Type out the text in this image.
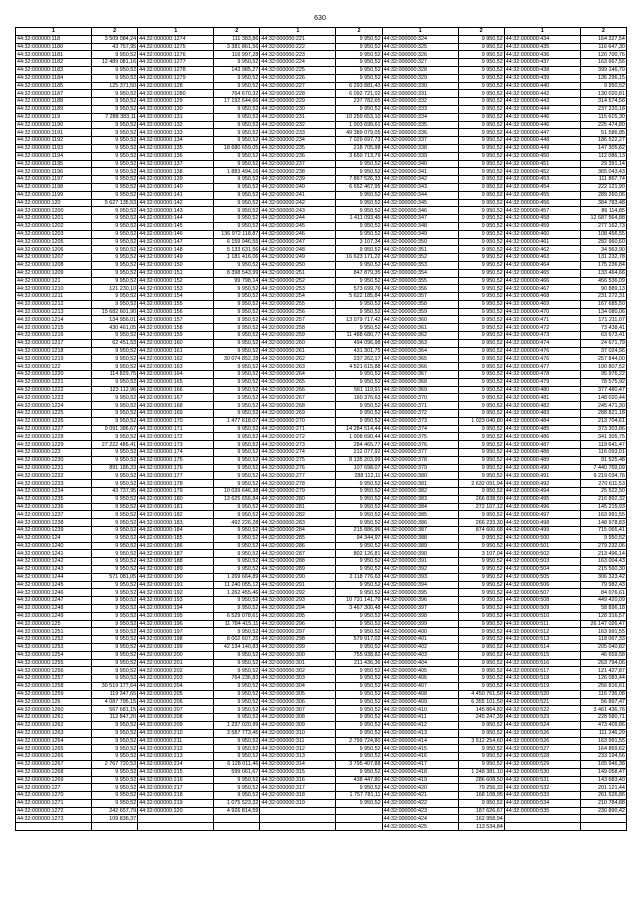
630
1	2	1	2	1	2	1	2	1	2
44:32:000000:118	3 509 084,24	44:32:000000:1274	111 383,86	44:32:000000:221	9 950,52	44:32:000000:324	9 950,52	44:32:000000:434	164 327,54
44:32:000000:1180	43 757,95	44:32:000000:1275	3 381 861,56	44:32:000000:222	9 950,52	44:32:000000:325	9 950,52	44:32:000000:435	116 647,30
44:32:000000:1181	9 950,52	44:32:000000:1276	116 997,28	44:32:000000:223	9 950,52	44:32:000000:326	9 950,52	44:32:000000:436	120 700,76
44:32:000000:1182	12 489 081,16	44:32:000000:1277	9 950,52	44:32:000000:224	9 950,52	44:32:000000:327	9 950,52	44:32:000000:437	163 667,56
44:32:000000:1183	9 950,52	44:32:000000:1278	143 985,27	44:32:000000:225	9 950,52	44:32:000000:328	9 950,52	44:32:000000:438	399 146,70
44:32:000000:1184	9 950,52	44:32:000000:1279	9 950,52	44:32:000000:226	9 950,52	44:32:000000:329	9 950,52	44:32:000000:439	136 296,15
44:32:000000:1185	125 371,50	44:32:000000:128	9 950,52	44:32:000000:227	6 293 881,43	44:32:000000:330	9 950,52	44:32:000000:440	9 950,52
44:32:000000:1187	9 950,52	44:32:000000:1280	764 670,32	44:32:000000:228	6 092 721,02	44:32:000000:331	9 950,52	44:32:000000:442	130 020,81
44:32:000000:1188	9 950,52	44:32:000000:129	17 192 644,66	44:32:000000:229	237 782,65	44:32:000000:332	9 950,52	44:32:000000:443	314 574,58
44:32:000000:1189	9 950,52	44:32:000000:130	9 950,52	44:32:000000:230	9 950,52	44:32:000000:333	9 950,52	44:32:000000:444	237 220,18
44:32:000000:119	7 288 383,11	44:32:000000:131	9 950,52	44:32:000000:231	10 259 653,10	44:32:000000:334	9 950,52	44:32:000000:446	115 615,30
44:32:000000:1190	9 950,52	44:32:000000:132	9 950,52	44:32:000000:232	1 003 699,61	44:32:000000:335	9 950,52	44:32:000000:446	225 474,80
44:32:000000:1191	9 950,52	44:32:000000:133	9 950,52	44:32:000000:233	49 389 079,05	44:32:000000:336	9 950,52	44:32:000000:447	51 586,85
44:32:000000:1192	9 950,52	44:32:000000:134	9 950,52	44:32:000000:234	7 029 697,73	44:32:000000:337	9 950,52	44:32:000000:448	186 522,27
44:32:000000:1193	9 950,52	44:32:000000:135	18 680 659,05	44:32:000000:235	218 705,98	44:32:000000:338	9 950,52	44:32:000000:449	147 305,82
44:32:000000:1194	9 950,52	44:32:000000:136	9 950,52	44:32:000000:236	3 650 713,79	44:32:000000:339	9 950,52	44:32:000000:450	112 086,13
44:32:000000:1195	9 950,52	44:32:000000:137	9 950,52	44:32:000000:237	9 950,52	44:32:000000:340	9 950,52	44:32:000000:451	29 391,14
44:32:000000:1196	9 950,52	44:32:000000:138	1 883 494,16	44:32:000000:238	9 950,52	44:32:000000:341	9 950,52	44:32:000000:452	365 043,43
44:32:000000:1197	9 950,52	44:32:000000:139	9 950,52	44:32:000000:239	7 867 526,33	44:32:000000:342	9 950,52	44:32:000000:453	111 867,74
44:32:000000:1198	9 950,52	44:32:000000:140	9 950,52	44:32:000000:240	6 652 467,95	44:32:000000:343	9 950,52	44:32:000000:454	222 121,90
44:32:000000:1199	9 950,52	44:32:000000:141	9 950,52	44:32:000000:241	9 950,52	44:32:000000:344	9 950,52	44:32:000000:455	289 260,06
44:32:000000:120	5 627 135,53	44:32:000000:142	9 950,52	44:32:000000:242	9 950,52	44:32:000000:345	9 950,52	44:32:000000:456	384 783,48
44:32:000000:1200	9 950,52	44:32:000000:143	9 950,52	44:32:000000:243	9 950,52	44:32:000000:346	9 950,52	44:32:000000:457	86 114,85
44:32:000000:1201	9 950,52	44:32:000000:144	9 950,52	44:32:000000:244	1 411 093,45	44:32:000000:347	9 950,52	44:32:000000:458	12 687 564,88
44:32:000000:1202	9 950,52	44:32:000000:145	9 950,52	44:32:000000:245	9 950,52	44:32:000000:348	9 950,52	44:32:000000:459	277 162,73
44:32:000000:1203	9 950,52	44:32:000000:146	136 972 118,87	44:32:000000:246	9 950,52	44:32:000000:349	9 950,52	44:32:000000:460	108 456,55
44:32:000000:1205	9 950,52	44:32:000000:147	6 159 946,55	44:32:000000:247	3 107,34	44:32:000000:350	9 950,52	44:32:000000:461	282 960,60
44:32:000000:1206	9 950,52	44:32:000000:148	5 133 631,56	44:32:000000:248	9 950,52	44:32:000000:351	9 950,52	44:32:000000:462	34 963,90
44:32:000000:1207	9 950,52	44:32:000000:149	1 181 416,06	44:32:000000:249	16 623 171,22	44:32:000000:352	9 950,52	44:32:000000:463	131 232,78
44:32:000000:1208	9 950,52	44:32:000000:150	9 950,52	44:32:000000:250	9 950,52	44:32:000000:353	9 950,52	44:32:000000:464	175 236,84
44:32:000000:1209	9 950,52	44:32:000000:151	8 398 543,99	44:32:000000:251	847 879,35	44:32:000000:354	9 950,52	44:32:000000:465	133 464,66
44:32:000000:121	9 950,52	44:32:000000:152	99 798,14	44:32:000000:252	9 950,52	44:32:000000:355	9 950,52	44:32:000000:466	456 536,09
44:32:000000:1210	121 230,10	44:32:000000:153	9 950,52	44:32:000000:253	573 699,76	44:32:000000:356	9 950,52	44:32:000000:467	90 889,13
44:32:000000:1211	9 950,52	44:32:000000:154	9 950,52	44:32:000000:254	5 622 185,84	44:32:000000:357	9 950,52	44:32:000000:468	231 272,31
44:32:000000:1212	9 950,52	44:32:000000:155	9 950,52	44:32:000000:255	9 950,52	44:32:000000:358	9 950,52	44:32:000000:469	167 685,50
44:32:000000:1213	15 682 601,90	44:32:000000:156	9 950,52	44:32:000000:256	9 950,52	44:32:000000:359	9 950,52	44:32:000000:470	134 080,06
44:32:000000:1214	134 956,01	44:32:000000:157	9 950,52	44:32:000000:257	13 079 717,42	44:32:000000:360	9 950,52	44:32:000000:471	171 211,07
44:32:000000:1215	430 461,05	44:32:000000:158	9 950,52	44:32:000000:258	9 950,52	44:32:000000:361	9 950,52	44:32:000000:472	73 438,41
44:32:000000:1216	9 950,52	44:32:000000:159	9 950,52	44:32:000000:259	11 488 680,77	44:32:000000:362	9 950,52	44:32:000000:473	63 673,41
44:32:000000:1217	62 451,53	44:32:000000:160	9 950,52	44:32:000000:260	494 096,98	44:32:000000:363	9 950,52	44:32:000000:474	24 671,79
44:32:000000:1218	9 950,52	44:32:000000:161	9 950,52	44:32:000000:261	431 301,75	44:32:000000:364	9 950,52	44:32:000000:476	37 024,56
44:32:000000:1219	9 950,52	44:32:000000:162	30 074 852,28	44:32:000000:262	237 262,17	44:32:000000:365	9 950,52	44:32:000000:476	257 844,00
44:32:000000:122	9 950,52	44:32:000000:163	9 950,52	44:32:000000:263	4 521 615,88	44:32:000000:366	9 950,52	44:32:000000:477	190 807,52
44:32:000000:1220	114 829,75	44:32:000000:164	9 950,52	44:32:000000:264	9 950,52	44:32:000000:367	9 950,52	44:32:000000:478	95 976,22
44:32:000000:1221	9 950,52	44:32:000000:165	9 950,52	44:32:000000:265	9 950,52	44:32:000000:368	9 950,52	44:32:000000:479	78 575,92
44:32:000000:1222	123 112,96	44:32:000000:166	9 950,52	44:32:000000:266	561 119,91	44:32:000000:369	9 950,52	44:32:000000:480	377 480,47
44:32:000000:1223	9 950,52	44:32:000000:167	9 950,52	44:32:000000:267	160 376,63	44:32:000000:370	9 950,52	44:32:000000:481	148 020,44
44:32:000000:1224	9 950,52	44:32:000000:168	9 950,52	44:32:000000:268	9 950,52	44:32:000000:371	9 950,52	44:32:000000:482	245 471,30
44:32:000000:1225	9 950,52	44:32:000000:169	9 950,52	44:32:000000:269	9 950,52	44:32:000000:372	9 950,52	44:32:000000:483	288 821,18
44:32:000000:1226	9 950,52	44:32:000000:170	1 477 618,07	44:32:000000:270	9 950,52	44:32:000000:373	1 023 040,80	44:32:000000:484	213 704,61
44:32:000000:1227	9 091 386,67	44:32:000000:171	9 950,52	44:32:000000:271	14 284 514,44	44:32:000000:374	9 950,52	44:32:000000:485	373 303,86
44:32:000000:1228	9 950,52	44:32:000000:172	9 950,52	44:32:000000:272	1 008 690,44	44:32:000000:375	9 950,52	44:32:000000:486	341 305,75
44:32:000000:1229	27 222 486,41	44:32:000000:173	9 950,52	44:32:000000:273	284 465,77	44:32:000000:376	9 950,52	44:32:000000:487	119 641,47
44:32:000000:123	9 950,52	44:32:000000:174	9 950,52	44:32:000000:274	212 077,92	44:32:000000:377	9 950,52	44:32:000000:488	116 093,01
44:32:000000:1230	9 950,52	44:32:000000:175	9 950,52	44:32:000000:275	8 135 203,99	44:32:000000:378	9 950,52	44:32:000000:489	91 525,48
44:32:000000:1231	891 186,33	44:32:000000:176	9 950,52	44:32:000000:276	107 698,07	44:32:000000:379	9 950,52	44:32:000000:490	7 440 769,09
44:32:000000:1232	9 950,52	44:32:000000:177	9 950,52	44:32:000000:277	288 112,11	44:32:000000:380	9 950,52	44:32:000000:491	9 219 034,76
44:32:000000:1233	9 950,52	44:32:000000:178	9 950,52	44:32:000000:278	9 950,52	44:32:000000:381	2 632 091,94	44:32:000000:492	270 611,53
44:32:000000:1234	43 737,95	44:32:000000:179	10 039 646,38	44:32:000000:279	9 950,52	44:32:000000:382	9 950,52	44:32:000000:494	25 522,50
44:32:000000:1235	9 950,52	44:32:000000:180	13 625 656,84	44:32:000000:280	9 950,52	44:32:000000:383	266 838,50	44:32:000000:495	216 892,32
44:32:000000:1236	9 950,52	44:32:000000:181	9 950,52	44:32:000000:281	9 950,52	44:32:000000:384	272 107,12	44:32:000000:496	145 215,93
44:32:000000:1237	9 950,52	44:32:000000:182	9 950,52	44:32:000000:282	9 950,52	44:32:000000:385	9 950,52	44:32:000000:497	163 991,55
44:32:000000:1238	9 950,52	44:32:000000:183	492 226,28	44:32:000000:283	9 950,52	44:32:000000:386	266 233,30	44:32:000000:498	148 978,83
44:32:000000:1239	9 950,52	44:32:000000:184	9 950,52	44:32:000000:284	215 886,96	44:32:000000:387	874 600,68	44:32:000000:499	715 065,41
44:32:000000:124	9 950,52	44:32:000000:185	9 950,52	44:32:000000:285	94 344,97	44:32:000000:388	9 950,52	44:32:000000:500	9 950,52
44:32:000000:1240	9 950,52	44:32:000000:186	9 950,52	44:32:000000:286	9 950,52	44:32:000000:389	9 950,52	44:32:000000:501	279 232,06
44:32:000000:1241	9 950,52	44:32:000000:187	9 950,52	44:32:000000:287	802 126,81	44:32:000000:390	3 107,04	44:32:000000:502	213 496,14
44:32:000000:1242	9 950,52	44:32:000000:188	9 950,52	44:32:000000:288	9 950,52	44:32:000000:391	9 950,52	44:32:000000:503	163 004,43
44:32:000000:1243	9 950,52	44:32:000000:189	9 950,52	44:32:000000:289	9 950,52	44:32:000000:392	9 950,52	44:32:000000:504	215 560,30
44:32:000000:1244	571 081,05	44:32:000000:190	1 269 664,89	44:32:000000:290	2 118 776,63	44:32:000000:393	9 950,52	44:32:000000:505	306 323,42
44:32:000000:1245	9 950,52	44:32:000000:191	11 240 055,12	44:32:000000:291	9 950,52	44:32:000000:394	9 950,52	44:32:000000:506	79 982,43
44:32:000000:1246	9 950,52	44:32:000000:192	1 262 455,46	44:32:000000:292	9 950,52	44:32:000000:395	9 950,52	44:32:000000:507	84 076,61
44:32:000000:1247	9 950,52	44:32:000000:193	9 950,52	44:32:000000:293	10 731 141,79	44:32:000000:396	9 950,52	44:32:000000:508	449 420,09
44:32:000000:1248	9 950,52	44:32:000000:194	9 950,52	44:32:000000:294	3 467 300,48	44:32:000000:397	9 950,52	44:32:000000:509	58 896,18
44:32:000000:1249	9 950,52	44:32:000000:195	6 529 078,61	44:32:000000:295	9 950,52	44:32:000000:398	9 950,52	44:32:000000:510	128 316,57
44:32:000000:125	9 950,52	44:32:000000:196	11 784 415,11	44:32:000000:296	9 950,52	44:32:000000:399	9 950,52	44:32:000000:511	26 147 026,47
44:32:000000:1251	9 950,52	44:32:000000:197	9 950,52	44:32:000000:297	9 950,52	44:32:000000:400	9 950,52	44:32:000000:512	163 991,55
44:32:000000:1252	9 950,52	44:32:000000:198	8 002 607,25	44:32:000000:298	579 917,02	44:32:000000:401	9 950,52	44:32:000000:513	118 067,33
44:32:000000:1253	9 950,52	44:32:000000:199	42 134 140,83	44:32:000000:299	9 950,52	44:32:000000:402	9 950,52	44:32:000000:514	205 040,82
44:32:000000:1254	9 950,52	44:32:000000:200	9 950,52	44:32:000000:300	755 938,82	44:32:000000:403	9 950,52	44:32:000000:515	46 659,58
44:32:000000:1255	9 950,52	44:32:000000:201	9 950,52	44:32:000000:301	211 436,36	44:32:000000:404	9 950,52	44:32:000000:516	263 794,06
44:32:000000:1256	9 950,52	44:32:000000:202	9 950,52	44:32:000000:302	9 950,52	44:32:000000:405	9 950,52	44:32:000000:517	121 427,87
44:32:000000:1257	9 950,52	44:32:000000:203	764 236,83	44:32:000000:303	9 950,52	44:32:000000:406	9 950,52	44:32:000000:518	126 083,44
44:32:000000:1258	30 519 177,64	44:32:000000:204	9 950,52	44:32:000000:304	9 950,52	44:32:000000:407	9 950,52	44:32:000000:519	256 816,61
44:32:000000:1259	119 347,65	44:32:000000:205	9 950,52	44:32:000000:305	9 950,52	44:32:000000:408	4 450 761,50	44:32:000000:520	116 736,08
44:32:000000:126	4 087 795,15	44:32:000000:206	9 950,52	44:32:000000:306	9 950,52	44:32:000000:409	6 355 101,50	44:32:000000:521	56 897,47
44:32:000000:1260	567 681,15	44:32:000000:207	9 950,52	44:32:000000:307	9 950,52	44:32:000000:410	145 864,82	44:32:000000:522	3 461 436,76
44:32:000000:1261	112 847,20	44:32:000000:208	9 950,52	44:32:000000:308	9 950,52	44:32:000000:411	245 247,39	44:32:000000:523	228 580,71
44:32:000000:1262	9 950,52	44:32:000000:209	1 237 020,99	44:32:000000:309	9 950,52	44:32:000000:412	9 950,52	44:32:000000:524	473 409,86
44:32:000000:1263	9 950,52	44:32:000000:210	3 587 773,45	44:32:000000:310	9 950,52	44:32:000000:413	9 950,52	44:32:000000:526	111 246,29
44:32:000000:1264	9 950,52	44:32:000000:211	9 950,52	44:32:000000:311	2 799 724,80	44:32:000000:414	3 512 254,60	44:32:000000:526	163 991,55
44:32:000000:1265	9 950,52	44:32:000000:212	9 950,52	44:32:000000:312	9 950,52	44:32:000000:415	9 950,52	44:32:000000:527	164 869,62
44:32:000000:1266	9 950,52	44:32:000000:213	9 950,52	44:32:000000:313	9 950,52	44:32:000000:416	9 950,52	44:32:000000:528	233 194,56
44:32:000000:1267	2 767 720,53	44:32:000000:214	6 128 011,46	44:32:000000:314	3 795 407,88	44:32:000000:417	9 950,52	44:32:000000:529	165 946,38
44:32:000000:1268	9 950,52	44:32:000000:215	599 061,67	44:32:000000:315	9 950,52	44:32:000000:418	1 248 381,10	44:32:000000:530	149 058,47
44:32:000000:1269	9 950,52	44:32:000000:216	9 950,52	44:32:000000:316	438 447,80	44:32:000000:419	286 608,50	44:32:000000:531	143 683,40
44:32:000000:127	9 950,52	44:32:000000:217	9 950,52	44:32:000000:317	9 950,52	44:32:000000:420	79 256,32	44:32:000000:532	201 121,44
44:32:000000:1270	9 950,52	44:32:000000:218	9 950,52	44:32:000000:318	1 757 781,11	44:32:000000:421	168 108,95	44:32:000000:533	261 526,86
44:32:000000:1271	9 950,52	44:32:000000:219	1 075 523,32	44:32:000000:319	9 950,52	44:32:000000:422	9 950,52	44:32:000000:534	210 784,88
44:32:000000:1272	242 657,79	44:32:000000:220	4 926 814,59			44:32:000000:423	187 626,67	44:32:000000:535	230 890,42
44:32:000000:1273	109 836,37					44:32:000000:424	162 958,94		
						44:32:000000:425	113 534,84		
